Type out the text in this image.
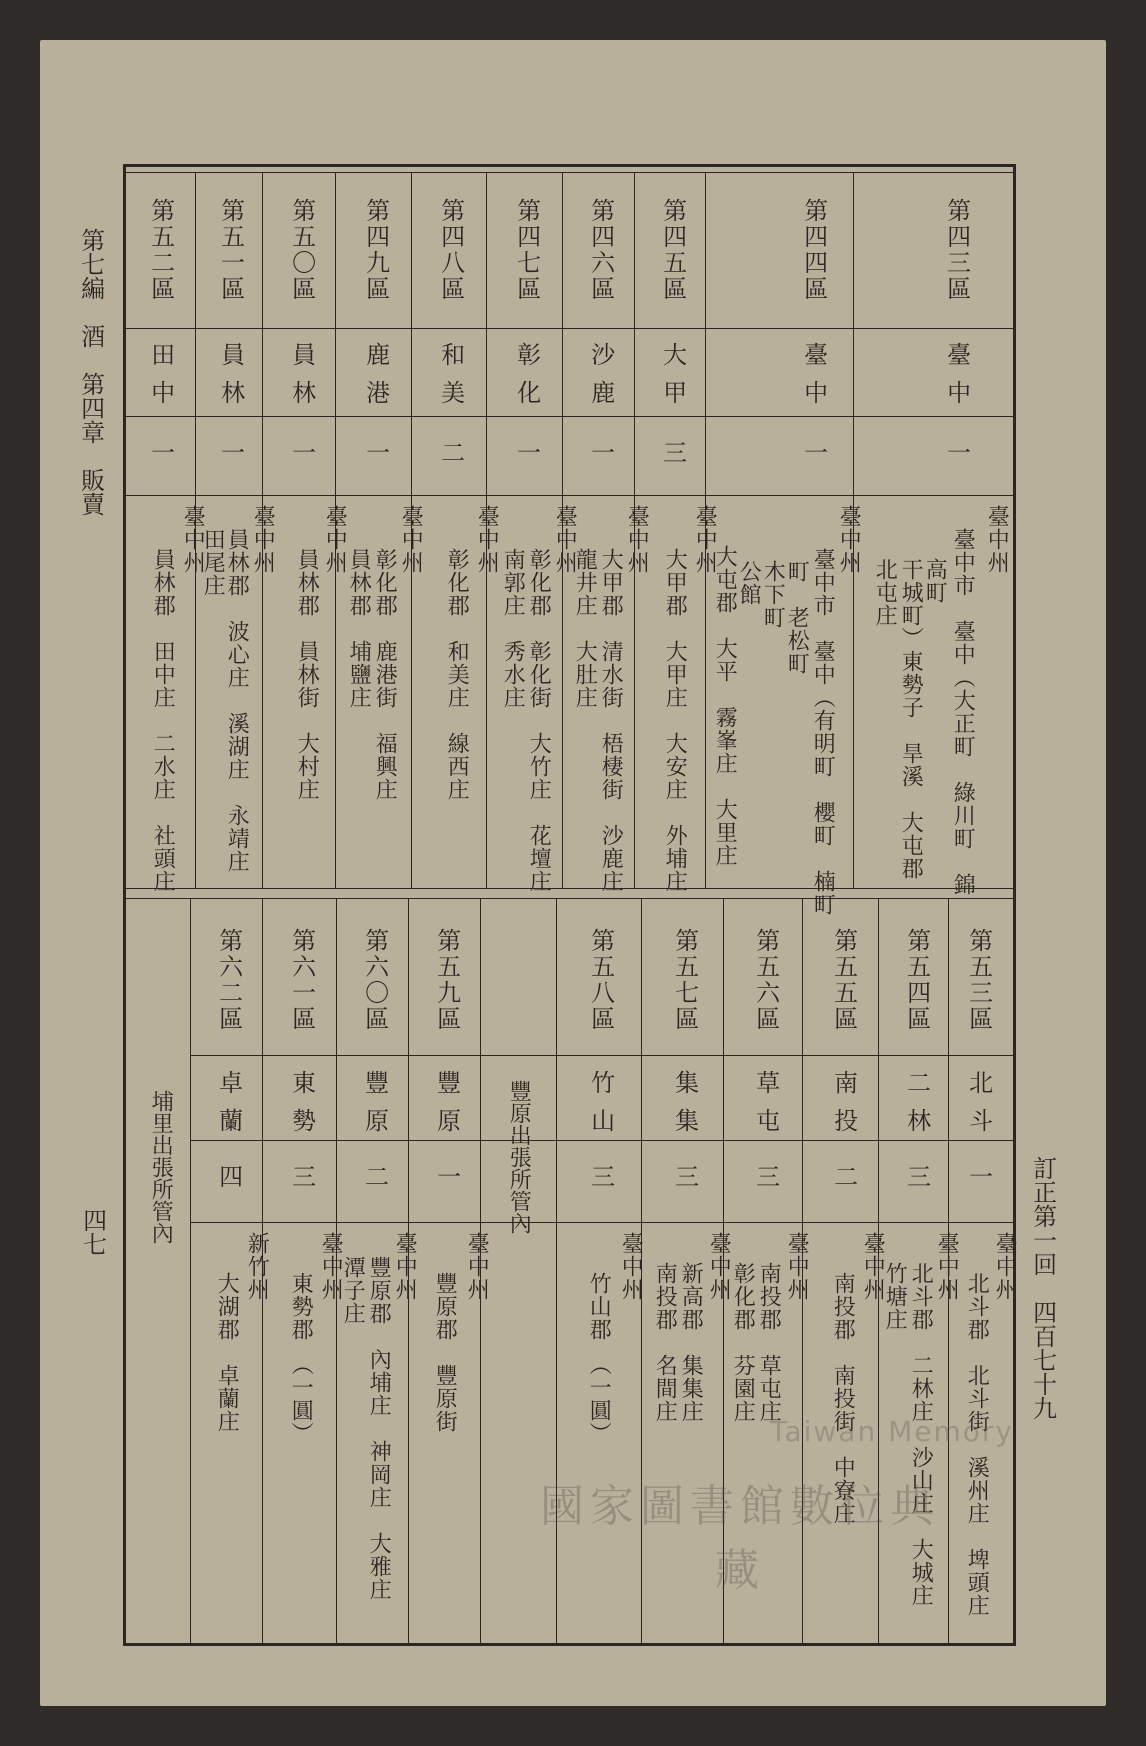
第七編　酒　第四章　販賣
四七	訂正第一回　四百七十九
第四三區
臺中
一
臺中州
臺中市　臺中（大正町　綠川町　錦
高町
干城町）東勢子　旱溪　大屯郡
北屯庄
第四四區
臺中
一
臺中州
臺中市　臺中（有明町　櫻町　楠町
町　老松町
木下町
公館
大屯郡　大平　霧峯庄　大里庄
第四五區
大甲
三
臺中州
大甲郡　大甲庄　大安庄　外埔庄
第四六區
沙鹿
一
臺中州
大甲郡　清水街　梧棲街　沙鹿庄
龍井庄　大肚庄
第四七區
彰化
一
臺中州
彰化郡　彰化街　大竹庄　花壇庄
南郭庄　秀水庄
第四八區
和美
二
臺中州
彰化郡　和美庄　線西庄
第四九區
鹿港
一
臺中州
彰化郡　鹿港街　福興庄
員林郡　埔鹽庄
第五〇區
員林
一
臺中州
員林郡　員林街　大村庄
第五一區
員林
一
臺中州
員林郡　波心庄　溪湖庄　永靖庄
田尾庄
第五二區
田中
一
臺中州
員林郡　田中庄　二水庄　社頭庄
第五三區
北斗
一
臺中州
北斗郡　北斗街　溪州庄　埤頭庄
第五四區
二林
三
臺中州
北斗郡　二林庄　沙山庄　大城庄
竹塘庄
第五五區
南投
二
臺中州
南投郡　南投街　中寮庄
第五六區
草屯
三
臺中州
南投郡　草屯庄
彰化郡　芬園庄
第五七區
集集
三
臺中州
新高郡　集集庄
南投郡　名間庄
第五八區
竹山
三
臺中州
竹山郡　（一圓）
豐原出張所管內
第五九區
豐原
一
臺中州
豐原郡　豐原街
第六〇區
豐原
二
臺中州
豐原郡　內埔庄　神岡庄　大雅庄
潭子庄
第六一區
東勢
三
臺中州
東勢郡　（一圓）
第六二區
卓蘭
四
新竹州
大湖郡　卓蘭庄
埔里出張所管內
Taiwan Memory
國家圖書館數位典藏
